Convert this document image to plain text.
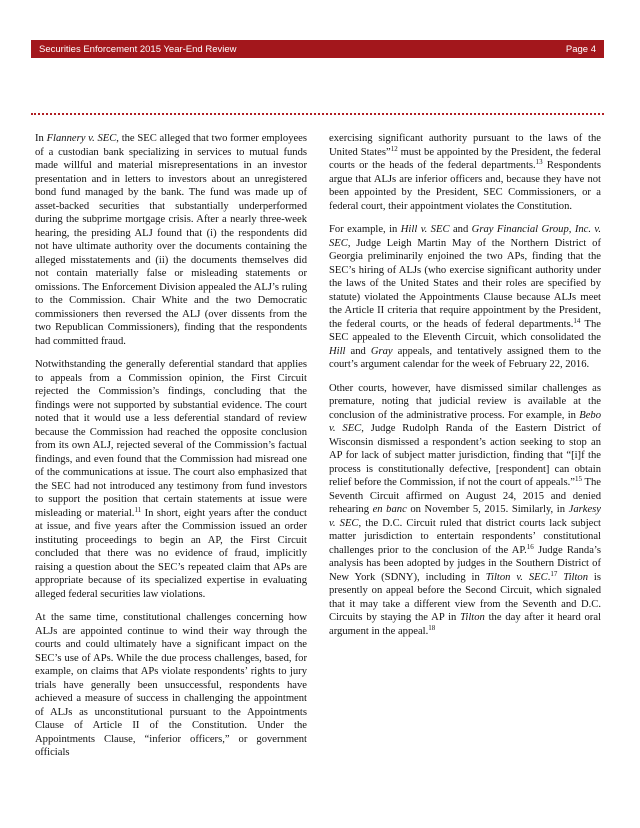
Securities Enforcement 2015 Year-End Review	Page 4

In Flannery v. SEC, the SEC alleged that two former employees of a custodian bank specializing in services to mutual funds made willful and material misrepresentations in an investor presentation and in letters to investors about an unregistered bond fund managed by the bank. The fund was made up of asset-backed securities that substantially underperformed during the subprime mortgage crisis. After a nearly three-week hearing, the presiding ALJ found that (i) the respondents did not have ultimate authority over the documents containing the alleged misstatements and (ii) the documents themselves did not contain materially false or misleading statements or omissions. The Enforcement Division appealed the ALJ’s ruling to the Commission. Chair White and the two Democratic commissioners then reversed the ALJ (over dissents from the two Republican Commissioners), finding that the respondents had committed fraud.

Notwithstanding the generally deferential standard that applies to appeals from a Commission opinion, the First Circuit rejected the Commission’s findings, concluding that the findings were not supported by substantial evidence. The court noted that it would use a less deferential standard of review because the Commission had reached the opposite conclusion from its own ALJ, rejected several of the Commission’s factual findings, and even found that the Commission had misread one of the communications at issue. The court also emphasized that the SEC had not introduced any testimony from fund investors to support the position that certain statements at issue were misleading or material.$^{11}$ In short, eight years after the conduct at issue, and five years after the Commission issued an order instituting proceedings to begin an AP, the First Circuit concluded that there was no evidence of fraud, implicitly raising a question about the SEC’s repeated claim that APs are appropriate because of its specialized expertise in evaluating alleged federal securities law violations.

At the same time, constitutional challenges concerning how ALJs are appointed continue to wind their way through the courts and could ultimately have a significant impact on the SEC’s use of APs. While the due process challenges, based, for example, on claims that APs violate respondents’ rights to jury trials have generally been unsuccessful, respondents have achieved a measure of success in challenging the appointment of ALJs as unconstitutional pursuant to the Appointments Clause of Article II of the Constitution. Under the Appointments Clause, “inferior officers,” or government officials

exercising significant authority pursuant to the laws of the United States”$^{12}$ must be appointed by the President, the federal courts or the heads of the federal departments.$^{13}$ Respondents argue that ALJs are inferior officers and, because they have not been appointed by the President, SEC Commissioners, or a federal court, their appointment violates the Constitution.

For example, in Hill v. SEC and Gray Financial Group, Inc. v. SEC, Judge Leigh Martin May of the Northern District of Georgia preliminarily enjoined the two APs, finding that the SEC’s hiring of ALJs (who exercise significant authority under the laws of the United States and their roles are specified by statute) violated the Appointments Clause because ALJs meet the Article II criteria that require appointment by the President, the federal courts, or the heads of federal departments.$^{14}$ The SEC appealed to the Eleventh Circuit, which consolidated the Hill and Gray appeals, and tentatively assigned them to the court’s argument calendar for the week of February 22, 2016.

Other courts, however, have dismissed similar challenges as premature, noting that judicial review is available at the conclusion of the administrative process. For example, in Bebo v. SEC, Judge Rudolph Randa of the Eastern District of Wisconsin dismissed a respondent’s action seeking to stop an AP for lack of subject matter jurisdiction, finding that “[i]f the process is constitutionally defective, [respondent] can obtain relief before the Commission, if not the court of appeals.”$^{15}$ The Seventh Circuit affirmed on August 24, 2015 and denied rehearing en banc on November 5, 2015. Similarly, in Jarkesy v. SEC, the D.C. Circuit ruled that district courts lack subject matter jurisdiction to entertain respondents’ constitutional challenges prior to the conclusion of the AP.$^{16}$ Judge Randa’s analysis has been adopted by judges in the Southern District of New York (SDNY), including in Tilton v. SEC.$^{17}$ Tilton is presently on appeal before the Second Circuit, which signaled that it may take a different view from the Seventh and D.C. Circuits by staying the AP in Tilton the day after it heard oral argument in the appeal.$^{18}$
